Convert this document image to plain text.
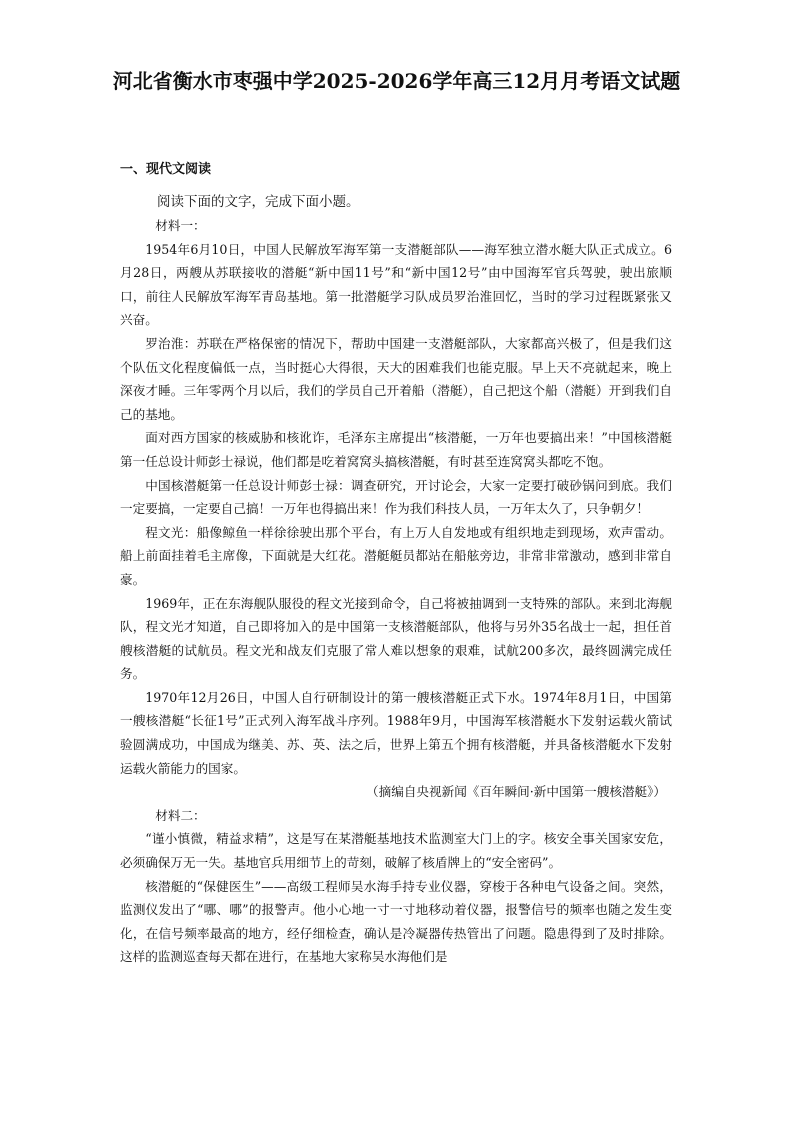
河北省衡水市枣强中学2025-2026学年高三12月月考语文试题
一、现代文阅读
阅读下面的文字，完成下面小题。

材料一：

1954年6月10日，中国人民解放军海军第一支潜艇部队——海军独立潜水艇大队正式成立。6月28日，两艘从苏联接收的潜艇“新中国11号”和“新中国12号”由中国海军官兵驾驶，驶出旅顺口，前往人民解放军海军青岛基地。第一批潜艇学习队成员罗治淮回忆，当时的学习过程既紧张又兴奋。

罗治淮：苏联在严格保密的情况下，帮助中国建一支潜艇部队，大家都高兴极了，但是我们这个队伍文化程度偏低一点，当时挺心大得很，天大的困难我们也能克服。早上天不亮就起来，晚上深夜才睡。三年零两个月以后，我们的学员自己开着船（潜艇），自己把这个船（潜艇）开到我们自己的基地。

面对西方国家的核威胁和核讹诈，毛泽东主席提出“核潜艇，一万年也要搞出来！”中国核潜艇第一任总设计师彭士禄说，他们都是吃着窝窝头搞核潜艇，有时甚至连窝窝头都吃不饱。

中国核潜艇第一任总设计师彭士禄：调查研究，开讨论会，大家一定要打破砂锅问到底。我们一定要搞，一定要自己搞！一万年也得搞出来！作为我们科技人员，一万年太久了，只争朝夕！

程文光：船像鲸鱼一样徐徐驶出那个平台，有上万人自发地或有组织地走到现场，欢声雷动。船上前面挂着毛主席像，下面就是大红花。潜艇艇员都站在船舷旁边，非常非常激动，感到非常自豪。

1969年，正在东海舰队服役的程文光接到命令，自己将被抽调到一支特殊的部队。来到北海舰队，程文光才知道，自己即将加入的是中国第一支核潜艇部队，他将与另外35名战士一起，担任首艘核潜艇的试航员。程文光和战友们克服了常人难以想象的艰难，试航200多次，最终圆满完成任务。

1970年12月26日，中国人自行研制设计的第一艘核潜艇正式下水。1974年8月1日，中国第一艘核潜艇“长征1号”正式列入海军战斗序列。1988年9月，中国海军核潜艇水下发射运载火箭试验圆满成功，中国成为继美、苏、英、法之后，世界上第五个拥有核潜艇，并具备核潜艇水下发射运载火箭能力的国家。

（摘编自央视新闻《百年瞬间·新中国第一艘核潜艇》）

材料二：

“谨小慎微，精益求精”，这是写在某潜艇基地技术监测室大门上的字。核安全事关国家安危，必须确保万无一失。基地官兵用细节上的苛刻，破解了核盾牌上的“安全密码”。

核潜艇的“保健医生”——高级工程师吴水海手持专业仪器，穿梭于各种电气设备之间。突然，监测仪发出了“哪、哪”的报警声。他小心地一寸一寸地移动着仪器，报警信号的频率也随之发生变化，在信号频率最高的地方，经仔细检查，确认是冷凝器传热管出了问题。隐患得到了及时排除。这样的监测巡查每天都在进行，在基地大家称吴水海他们是
